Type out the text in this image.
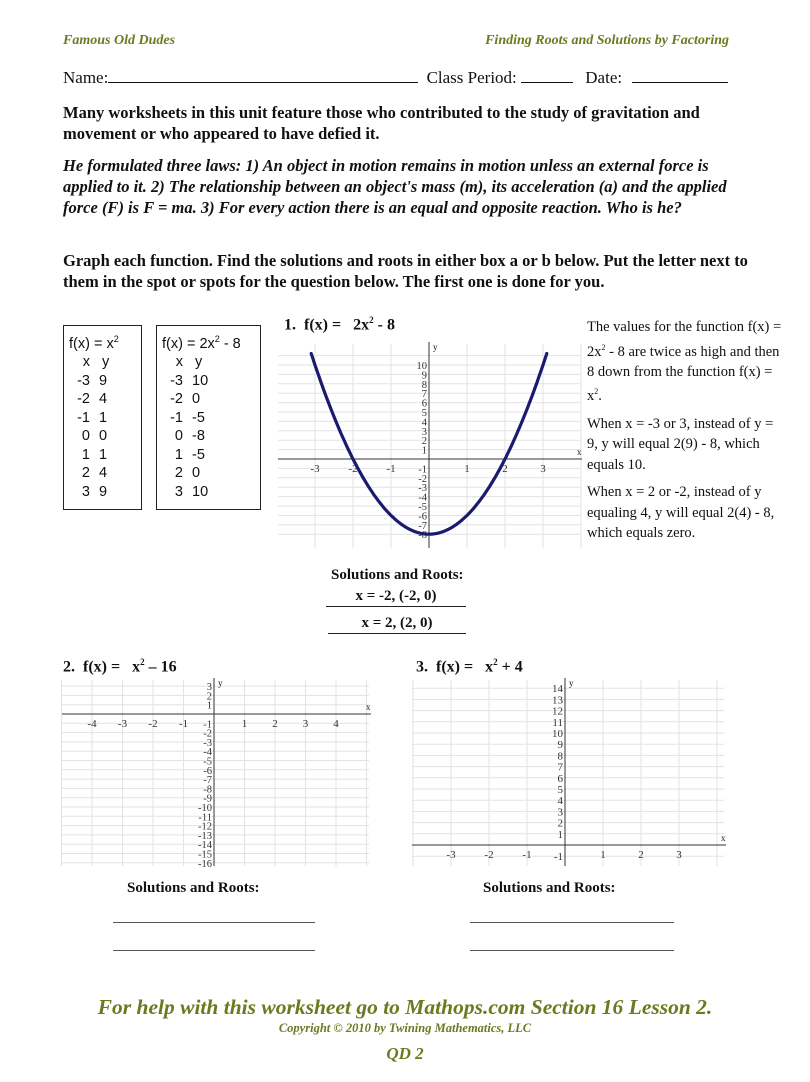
Famous Old Dudes	Finding Roots and Solutions by Factoring
Name:	Class Period:	Date:
Many worksheets in this unit feature those who contributed to the study of gravitation and movement or who appeared to have defied it.
He formulated three laws: 1) An object in motion remains in motion unless an external force is applied to it. 2) The relationship between an object's mass (m), its acceleration (a) and the applied force (F) is F = ma. 3) For every action there is an equal and opposite reaction. Who is he?
Graph each function. Find the solutions and roots in either box a or b below. Put the letter next to them in the spot or spots for the question below. The first one is done for you.
$f(x) = x^2$
x y
-3 9
-2 4
-1 1
0 0
1 1
2 4
3 9
$f(x) = 2x^2 - 8$
x y
-3 10
-2 0
-1 -5
0 -8
1 -5
2 0
3 10
1. $f(x) = 2x^2 - 8$
x
y
-3	-2	-1	1	2	3
10
9
8
7
6
5
4
3
2
1
-1
-2
-3
-4
-5
-6
-7
-8

The values for the function $f(x) = 2x^2 - 8$ are twice as high and then 8 down from the function $f(x) = x^2$.

When x = -3 or 3, instead of y = 9, y will equal 2(9) - 8, which equals 10.

When x = 2 or -2, instead of y equaling 4, y will equal 2(4) - 8, which equals zero.

Solutions and Roots:
x = -2, (-2, 0)
x = 2, (2, 0)
2. $f(x) = x^2 - 16$
x
y
-4 -3 -2 -1	1 2 3 4
3
2
1
-1
-2
-3
-4
-5
-6
-7
-8
-9
-10
-11
-12
-13
-14
-15
-16
3. $f(x) = x^2 + 4$
x
y
-3	-2	-1	1	2	3
14
13
12
11
10
9
8
7
6
5
4
3
2
1
-1
Solutions and Roots:	Solutions and Roots:
For help with this worksheet go to Mathops.com Section 16 Lesson 2.
Copyright © 2010 by Twining Mathematics, LLC
QD 2
